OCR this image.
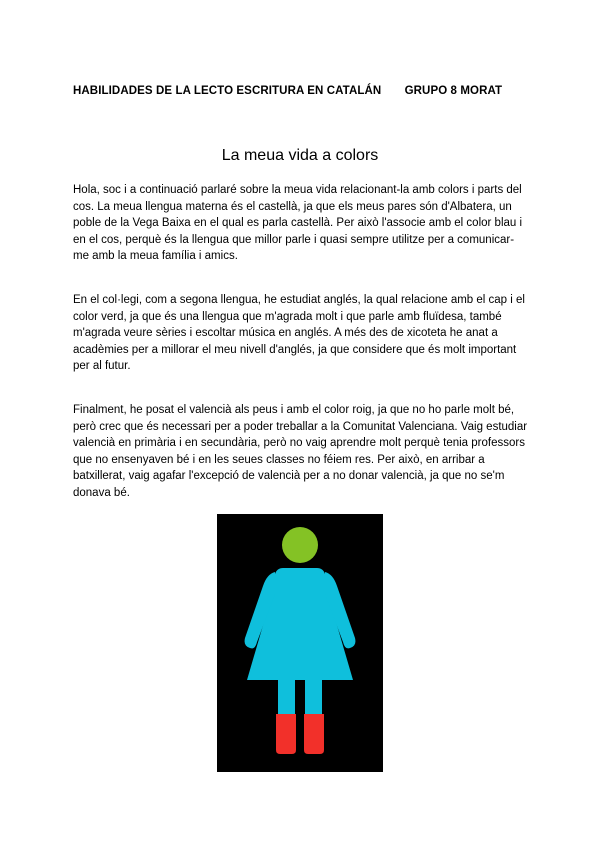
HABILIDADES DE LA LECTO ESCRITURA EN CATALÁN GRUPO 8 MORAT
La meua vida a colors

Hola, soc i a continuació parlaré sobre la meua vida relacionant-la amb colors i parts del cos. La meua llengua materna és el castellà, ja que els meus pares són d'Albatera, un poble de la Vega Baixa en el qual es parla castellà. Per això l'associe amb el color blau i en el cos, perquè és la llengua que millor parle i quasi sempre utilitze per a comunicar-me amb la meua família i amics.

En el col·legi, com a segona llengua, he estudiat anglés, la qual relacione amb el cap i el color verd, ja que és una llengua que m'agrada molt i que parle amb fluïdesa, també m'agrada veure sèries i escoltar música en anglés. A més des de xicoteta he anat a acadèmies per a millorar el meu nivell d'anglés, ja que considere que és molt important per al futur.

Finalment, he posat el valencià als peus i amb el color roig, ja que no ho parle molt bé, però crec que és necessari per a poder treballar a la Comunitat Valenciana. Vaig estudiar valencià en primària i en secundària, però no vaig aprendre molt perquè tenia professors que no ensenyaven bé i en les seues classes no féiem res. Per això, en arribar a batxillerat, vaig agafar l'excepció de valencià per a no donar valencià, ja que no se'm donava bé.
